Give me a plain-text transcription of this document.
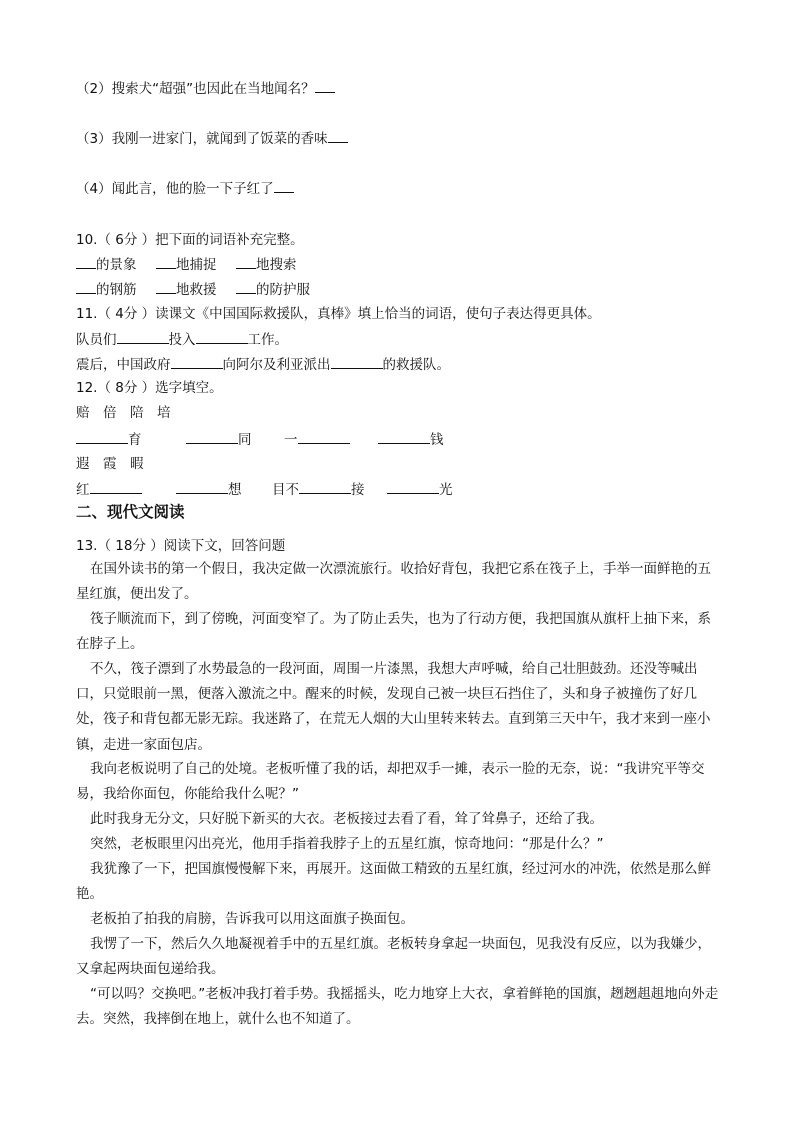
（2）搜索犬“超强”也因此在当地闻名？
（3）我刚一进家门，就闻到了饭菜的香味
（4）闻此言，他的脸一下子红了
10.（ 6分 ）把下面的词语补充完整。
的景象	地捕捉	地搜索
的钢筋	地救援	的防护服
11.（ 4分 ）读课文《中国国际救援队，真棒》填上恰当的词语，使句子表达得更具体。
队员们	投入	工作。
震后，中国政府	向阿尔及利亚派出	的救援队。
12.（ 8分 ）选字填空。
赔　倍　陪　培
育	同 一	钱
遐　霞　暇
红	想 目不	接	光
二、现代文阅读
13.（ 18分 ）阅读下文，回答问题
在国外读书的第一个假日，我决定做一次漂流旅行。收拾好背包，我把它系在筏子上，手举一面鲜艳的五星红旗，便出发了。
筏子顺流而下，到了傍晚，河面变窄了。为了防止丢失，也为了行动方便，我把国旗从旗杆上抽下来，系在脖子上。
不久，筏子漂到了水势最急的一段河面，周围一片漆黑，我想大声呼喊，给自己壮胆鼓劲。还没等喊出口，只觉眼前一黑，便落入激流之中。醒来的时候，发现自己被一块巨石挡住了，头和身子被撞伤了好几处，筏子和背包都无影无踪。我迷路了，在荒无人烟的大山里转来转去。直到第三天中午，我才来到一座小镇，走进一家面包店。
我向老板说明了自己的处境。老板听懂了我的话，却把双手一摊，表示一脸的无奈，说：“我讲究平等交易，我给你面包，你能给我什么呢？”
此时我身无分文，只好脱下新买的大衣。老板接过去看了看，耸了耸鼻子，还给了我。
突然，老板眼里闪出亮光，他用手指着我脖子上的五星红旗，惊奇地问：“那是什么？”
我犹豫了一下，把国旗慢慢解下来，再展开。这面做工精致的五星红旗，经过河水的冲洗，依然是那么鲜艳。
老板拍了拍我的肩膀，告诉我可以用这面旗子换面包。
我愣了一下，然后久久地凝视着手中的五星红旗。老板转身拿起一块面包，见我没有反应，以为我嫌少，又拿起两块面包递给我。
“可以吗？交换吧。”老板冲我打着手势。我摇摇头，吃力地穿上大衣，拿着鲜艳的国旗，趔趔趄趄地向外走去。突然，我摔倒在地上，就什么也不知道了。
